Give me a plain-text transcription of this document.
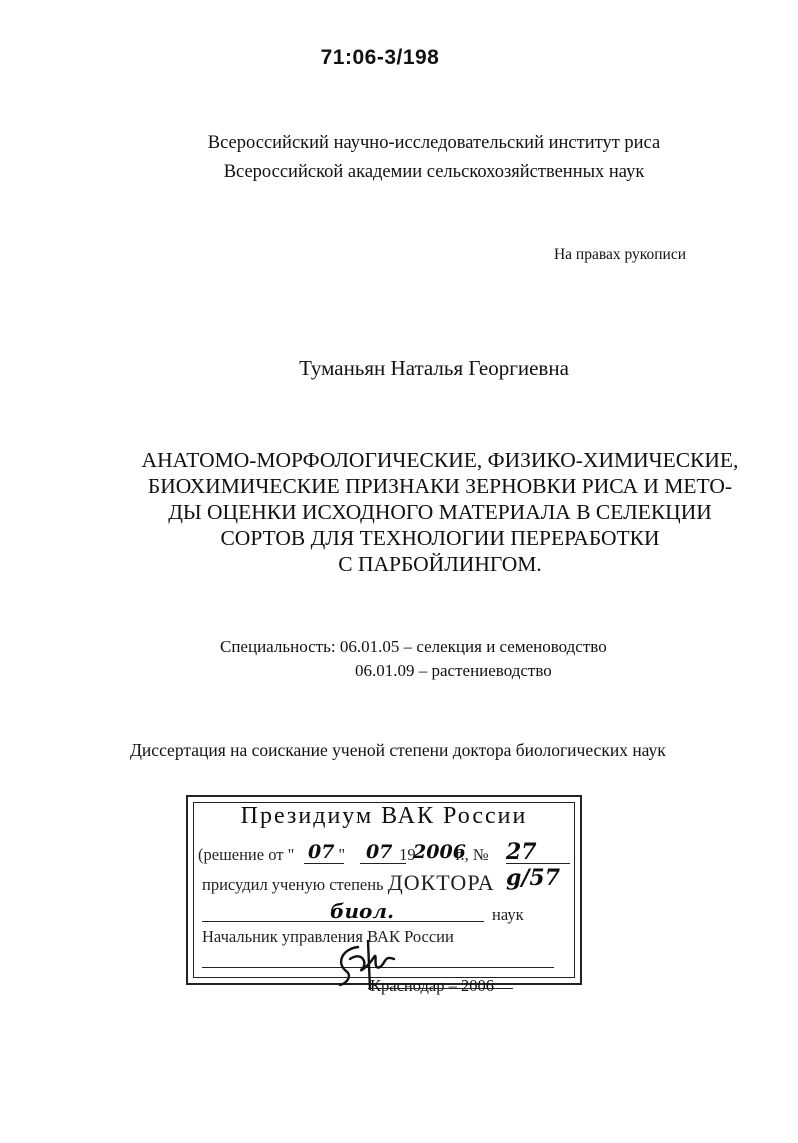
71:06-3/198
Всероссийский научно-исследовательский институт риса
Всероссийской академии сельскохозяйственных наук
На правах рукописи
Туманьян Наталья Георгиевна
АНАТОМО-МОРФОЛОГИЧЕСКИЕ, ФИЗИКО-ХИМИЧЕСКИЕ,
БИОХИМИЧЕСКИЕ ПРИЗНАКИ ЗЕРНОВКИ РИСА И МЕТО-
ДЫ ОЦЕНКИ ИСХОДНОГО МАТЕРИАЛА В СЕЛЕКЦИИ
СОРТОВ ДЛЯ ТЕХНОЛОГИИ ПЕРЕРАБОТКИ
С ПАРБОЙЛИНГОМ.
Специальность: 06.01.05 – селекция и семеноводство
06.01.09 – растениеводство
Диссертация на соискание ученой степени доктора биологических наук
Президиум ВАК России
(решение от "	"	19 г., №
07 07 2006 27 g/57
присудил ученую степень ДОКТОРА
биол.	наук
Начальник управления ВАК России
Краснодар – 2006
